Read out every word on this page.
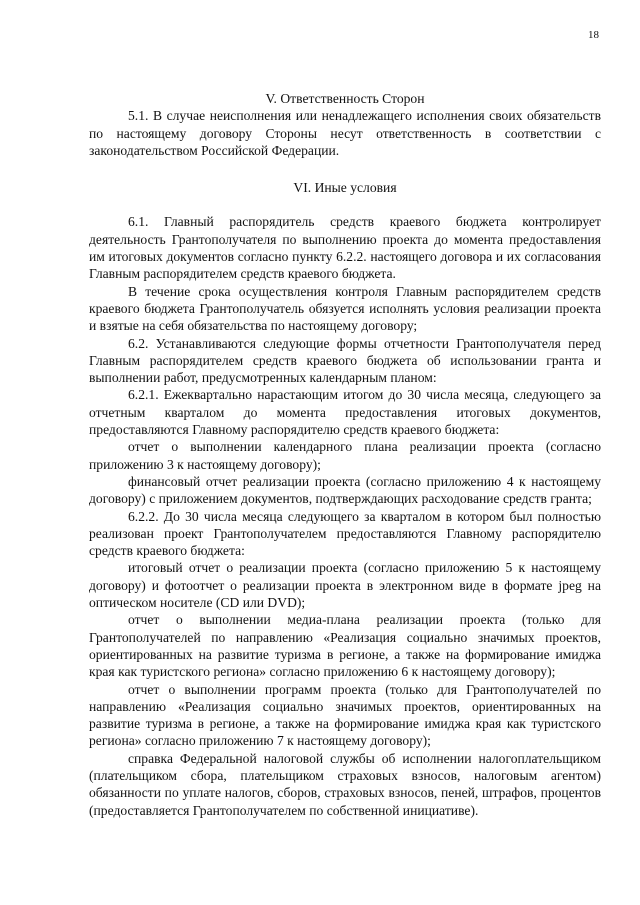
18
V. Ответственность Сторон

5.1. В случае неисполнения или ненадлежащего исполнения своих обязательств по настоящему договору Стороны несут ответственность в соответствии с законодательством Российской Федерации.

VI. Иные условия

6.1. Главный распорядитель средств краевого бюджета контролирует деятельность Грантополучателя по выполнению проекта до момента предоставления им итоговых документов согласно пункту 6.2.2. настоящего договора и их согласования Главным распорядителем средств краевого бюджета.

В течение срока осуществления контроля Главным распорядителем средств краевого бюджета Грантополучатель обязуется исполнять условия реализации проекта и взятые на себя обязательства по настоящему договору;

6.2. Устанавливаются следующие формы отчетности Грантополучателя перед Главным распорядителем средств краевого бюджета об использовании гранта и выполнении работ, предусмотренных календарным планом:

6.2.1. Ежеквартально нарастающим итогом до 30 числа месяца, следующего за отчетным кварталом до момента предоставления итоговых документов, предоставляются Главному распорядителю средств краевого бюджета:

отчет о выполнении календарного плана реализации проекта (согласно приложению 3 к настоящему договору);

финансовый отчет реализации проекта (согласно приложению 4 к настоящему договору) с приложением документов, подтверждающих расходование средств гранта;

6.2.2. До 30 числа месяца следующего за кварталом в котором был полностью реализован проект Грантополучателем предоставляются Главному распорядителю средств краевого бюджета:

итоговый отчет о реализации проекта (согласно приложению 5 к настоящему договору) и фотоотчет о реализации проекта в электронном виде в формате jpeg на оптическом носителе (CD или DVD);

отчет о выполнении медиа-плана реализации проекта (только для Грантополучателей по направлению «Реализация социально значимых проектов, ориентированных на развитие туризма в регионе, а также на формирование имиджа края как туристского региона» согласно приложению 6 к настоящему договору);

отчет о выполнении программ проекта (только для Грантополучателей по направлению «Реализация социально значимых проектов, ориентированных на развитие туризма в регионе, а также на формирование имиджа края как туристского региона» согласно приложению 7 к настоящему договору);

справка Федеральной налоговой службы об исполнении налогоплательщиком (плательщиком сбора, плательщиком страховых взносов, налоговым агентом) обязанности по уплате налогов, сборов, страховых взносов, пеней, штрафов, процентов (предоставляется Грантополучателем по собственной инициативе).
